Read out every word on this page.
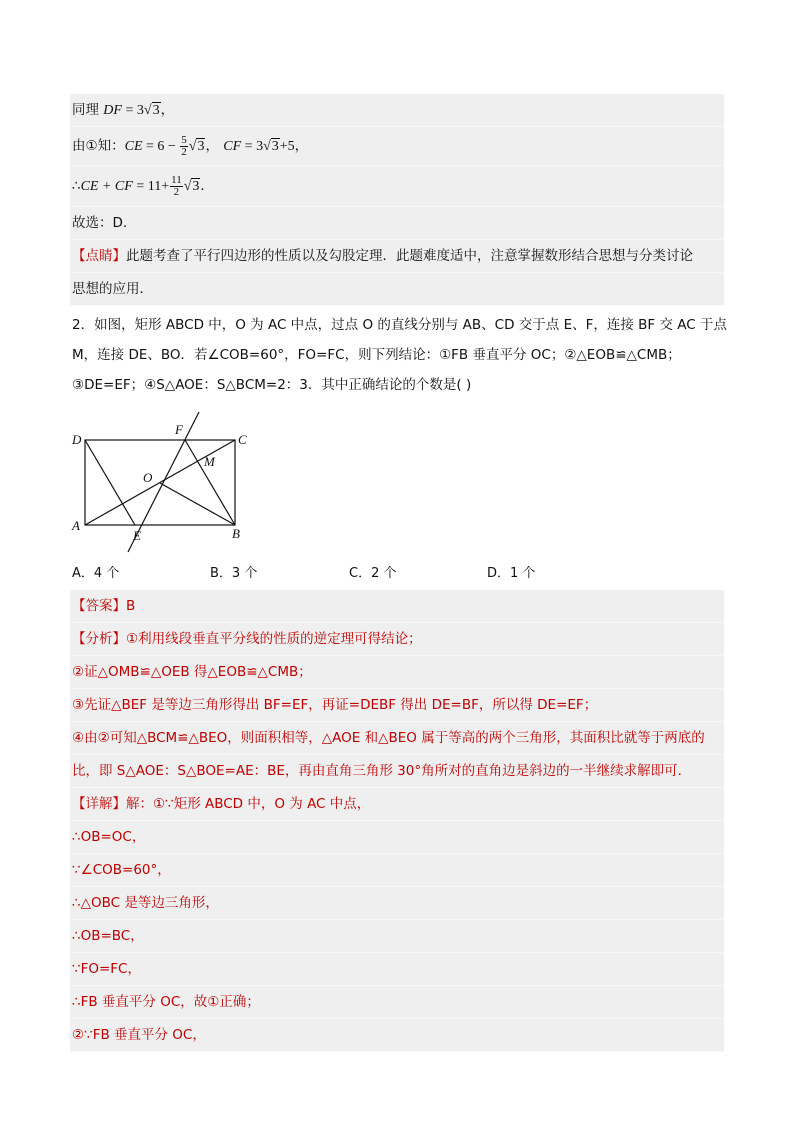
同理 DF = 3√3，
由①知：CE = $6 - \frac{5}{2} √3$， CF = 3√3+5，
∴CE + CF = $11+ \frac{11}{2} √3$．
故选：D．
【点睛】此题考查了平行四边形的性质以及勾股定理．此题难度适中，注意掌握数形结合思想与分类讨论
思想的应用．
2．如图，矩形 ABCD 中，O 为 AC 中点，过点 O 的直线分别与 AB、CD 交于点 E、F，连接 BF 交 AC 于点
M，连接 DE、BO．若∠COB=60°，FO=FC，则下列结论：①FB 垂直平分 OC；②△EOB≌△CMB；
③DE=EF；④S△AOE：S△BCM=2：3．其中正确结论的个数是( )
D	C
A
B
F
O
M
E
A．4 个	B．3 个	C．2 个	D．1 个
【答案】B
【分析】①利用线段垂直平分线的性质的逆定理可得结论；
②证△OMB≌△OEB 得△EOB≌△CMB；
③先证△BEF 是等边三角形得出 BF=EF，再证=DEBF 得出 DE=BF，所以得 DE=EF；
④由②可知△BCM≌△BEO，则面积相等，△AOE 和△BEO 属于等高的两个三角形，其面积比就等于两底的
比，即 S△AOE：S△BOE=AE：BE，再由直角三角形 30°角所对的直角边是斜边的一半继续求解即可．
【详解】解：①∵矩形 ABCD 中，O 为 AC 中点，
∴OB=OC，
∵∠COB=60°，
∴△OBC 是等边三角形，
∴OB=BC，
∵FO=FC，
∴FB 垂直平分 OC，故①正确；
②∵FB 垂直平分 OC，
